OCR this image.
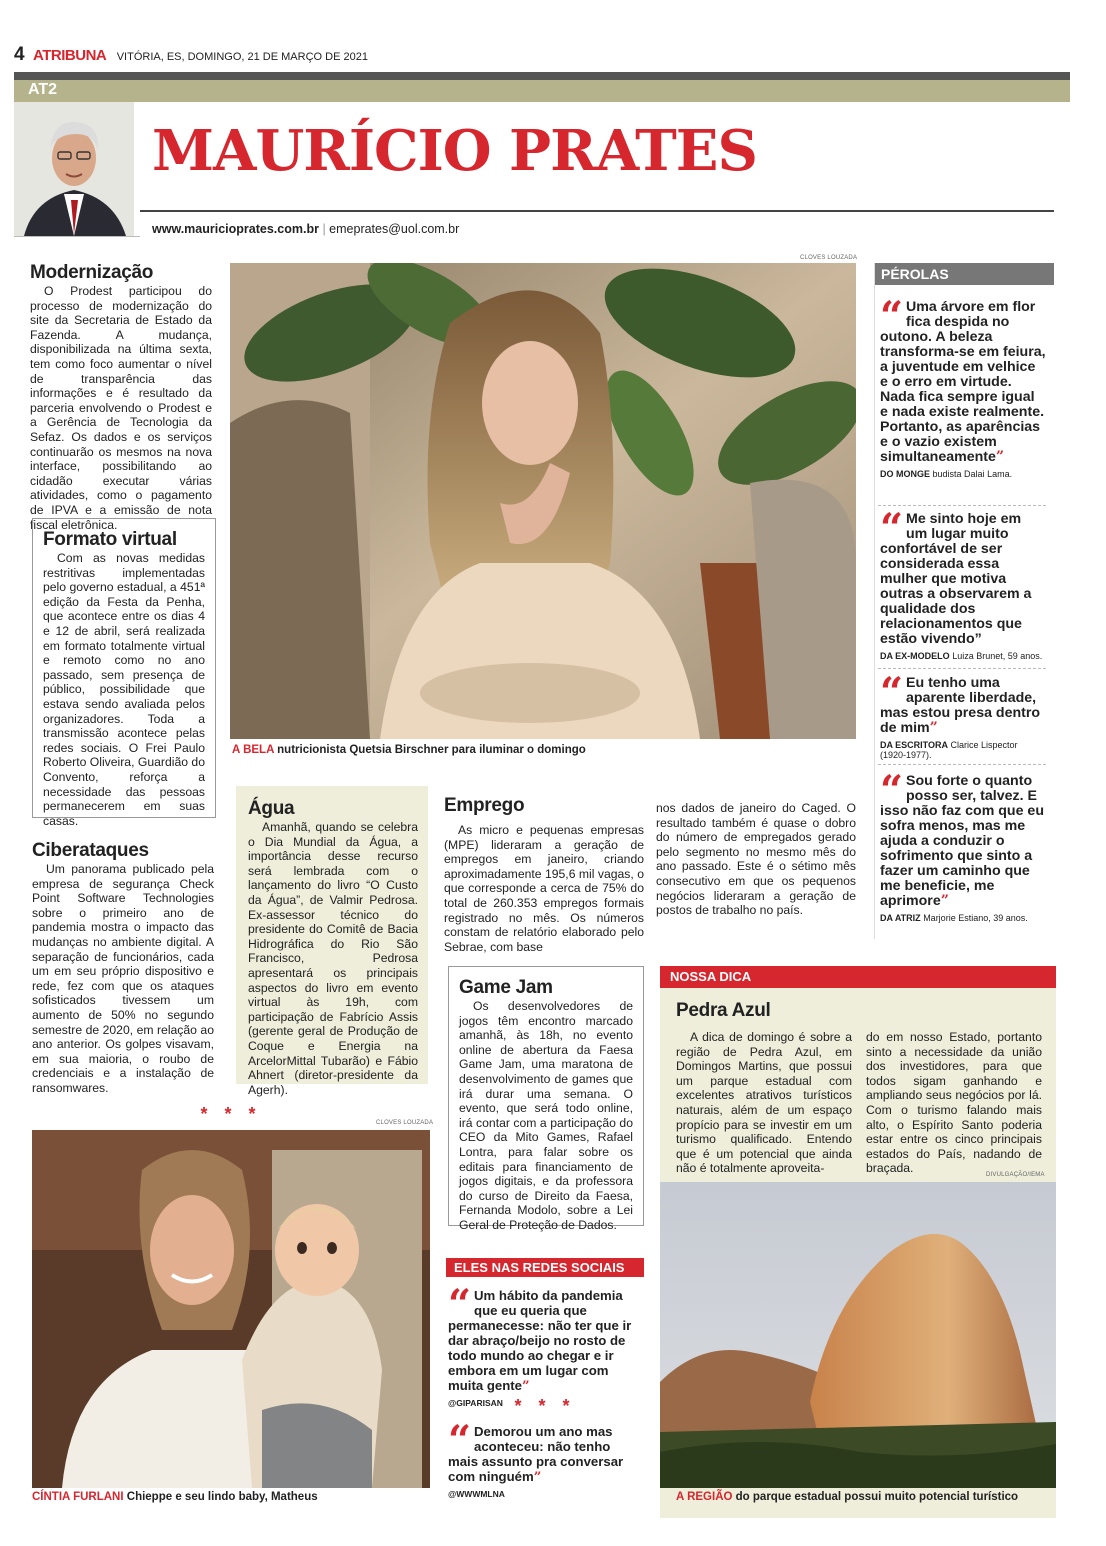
4 ATRIBUNA VITÓRIA, ES, DOMINGO, 21 DE MARÇO DE 2021
AT2
MAURÍCIO PRATES
www.mauricioprates.com.br | emeprates@uol.com.br
Modernização

O Prodest participou do processo de modernização do site da Secretaria de Estado da Fazenda. A mudança, disponibilizada na última sexta, tem como foco aumentar o nível de transparência das informações e é resultado da parceria envolvendo o Prodest e a Gerência de Tecnologia da Sefaz. Os dados e os serviços continuarão os mesmos na nova interface, possibilitando ao cidadão executar várias atividades, como o pagamento de IPVA e a emissão de nota fiscal eletrônica.

Formato virtual

Com as novas medidas restritivas implementadas pelo governo estadual, a 451ª edição da Festa da Penha, que acontece entre os dias 4 e 12 de abril, será realizada em formato totalmente virtual e remoto como no ano passado, sem presença de público, possibilidade que estava sendo avaliada pelos organizadores. Toda a transmissão acontece pelas redes sociais. O Frei Paulo Roberto Oliveira, Guardião do Convento, reforça a necessidade das pessoas permanecerem em suas casas.

Ciberataques

Um panorama publicado pela empresa de segurança Check Point Software Technologies sobre o primeiro ano de pandemia mostra o impacto das mudanças no ambiente digital. A separação de funcionários, cada um em seu próprio dispositivo e rede, fez com que os ataques sofisticados tivessem um aumento de 50% no segundo semestre de 2020, em relação ao ano anterior. Os golpes visavam, em sua maioria, o roubo de credenciais e a instalação de ransomwares.

CLOVES LOUZADA
A BELA nutricionista Quetsia Birschner para iluminar o domingo
PÉROLAS
“ Uma árvore em flor fica despida no outono. A beleza transforma-se em feiura, a juventude em velhice e o erro em virtude. Nada fica sempre igual e nada existe realmente. Portanto, as aparências e o vazio existem simultaneamente”
DO MONGE budista Dalai Lama.
“ Me sinto hoje em um lugar muito confortável de ser considerada essa mulher que motiva outras a observarem a qualidade dos relacionamentos que estão vivendo”
DA EX-MODELO Luiza Brunet, 59 anos.
“ Eu tenho uma aparente liberdade, mas estou presa dentro de mim”
DA ESCRITORA Clarice Lispector (1920-1977).
“ Sou forte o quanto posso ser, talvez. E isso não faz com que eu sofra menos, mas me ajuda a conduzir o sofrimento que sinto a fazer um caminho que me beneficie, me aprimore”
DA ATRIZ Marjorie Estiano, 39 anos.
Água

Amanhã, quando se celebra o Dia Mundial da Água, a importância desse recurso será lembrada com o lançamento do livro “O Custo da Água”, de Valmir Pedrosa. Ex-assessor técnico do presidente do Comitê de Bacia Hidrográfica do Rio São Francisco, Pedrosa apresentará os principais aspectos do livro em evento virtual às 19h, com participação de Fabrício Assis (gerente geral de Produção de Coque e Energia na ArcelorMittal Tubarão) e Fábio Ahnert (diretor-presidente da Agerh).

Emprego

As micro e pequenas empresas (MPE) lideraram a geração de empregos em janeiro, criando aproximadamente 195,6 mil vagas, o que corresponde a cerca de 75% do total de 260.353 empregos formais registrado no mês. Os números constam de relatório elaborado pelo Sebrae, com base

nos dados de janeiro do Caged. O resultado também é quase o dobro do número de empregados gerado pelo segmento no mesmo mês do ano passado. Este é o sétimo mês consecutivo em que os pequenos negócios lideraram a geração de postos de trabalho no país.

Game Jam

Os desenvolvedores de jogos têm encontro marcado amanhã, às 18h, no evento online de abertura da Faesa Game Jam, uma maratona de desenvolvimento de games que irá durar uma semana. O evento, que será todo online, irá contar com a participação do CEO da Mito Games, Rafael Lontra, para falar sobre os editais para financiamento de jogos digitais, e da professora do curso de Direito da Faesa, Fernanda Modolo, sobre a Lei Geral de Proteção de Dados.

* * *	CLOVES LOUZADA
CÍNTIA FURLANI Chieppe e seu lindo baby, Matheus
ELES NAS REDES SOCIAIS
“ Um hábito da pandemia que eu queria que permanecesse: não ter que ir dar abraço/beijo no rosto de todo mundo ao chegar e ir embora em um lugar com muita gente”
@GIPARISAN * * *
“ Demorou um ano mas aconteceu: não tenho mais assunto pra conversar com ninguém”
@WWWMLNA
NOSSA DICA
Pedra Azul

A dica de domingo é sobre a região de Pedra Azul, em Domingos Martins, que possui um parque estadual com excelentes atrativos turísticos naturais, além de um espaço propício para se investir em um turismo qualificado. Entendo que é um potencial que ainda não é totalmente aproveita-

do em nosso Estado, portanto sinto a necessidade da união dos investidores, para que todos sigam ganhando e ampliando seus negócios por lá. Com o turismo falando mais alto, o Espírito Santo poderia estar entre os cinco principais estados do País, nadando de braçada.	DIVULGAÇÃO/IEMA
A REGIÃO do parque estadual possui muito potencial turístico
